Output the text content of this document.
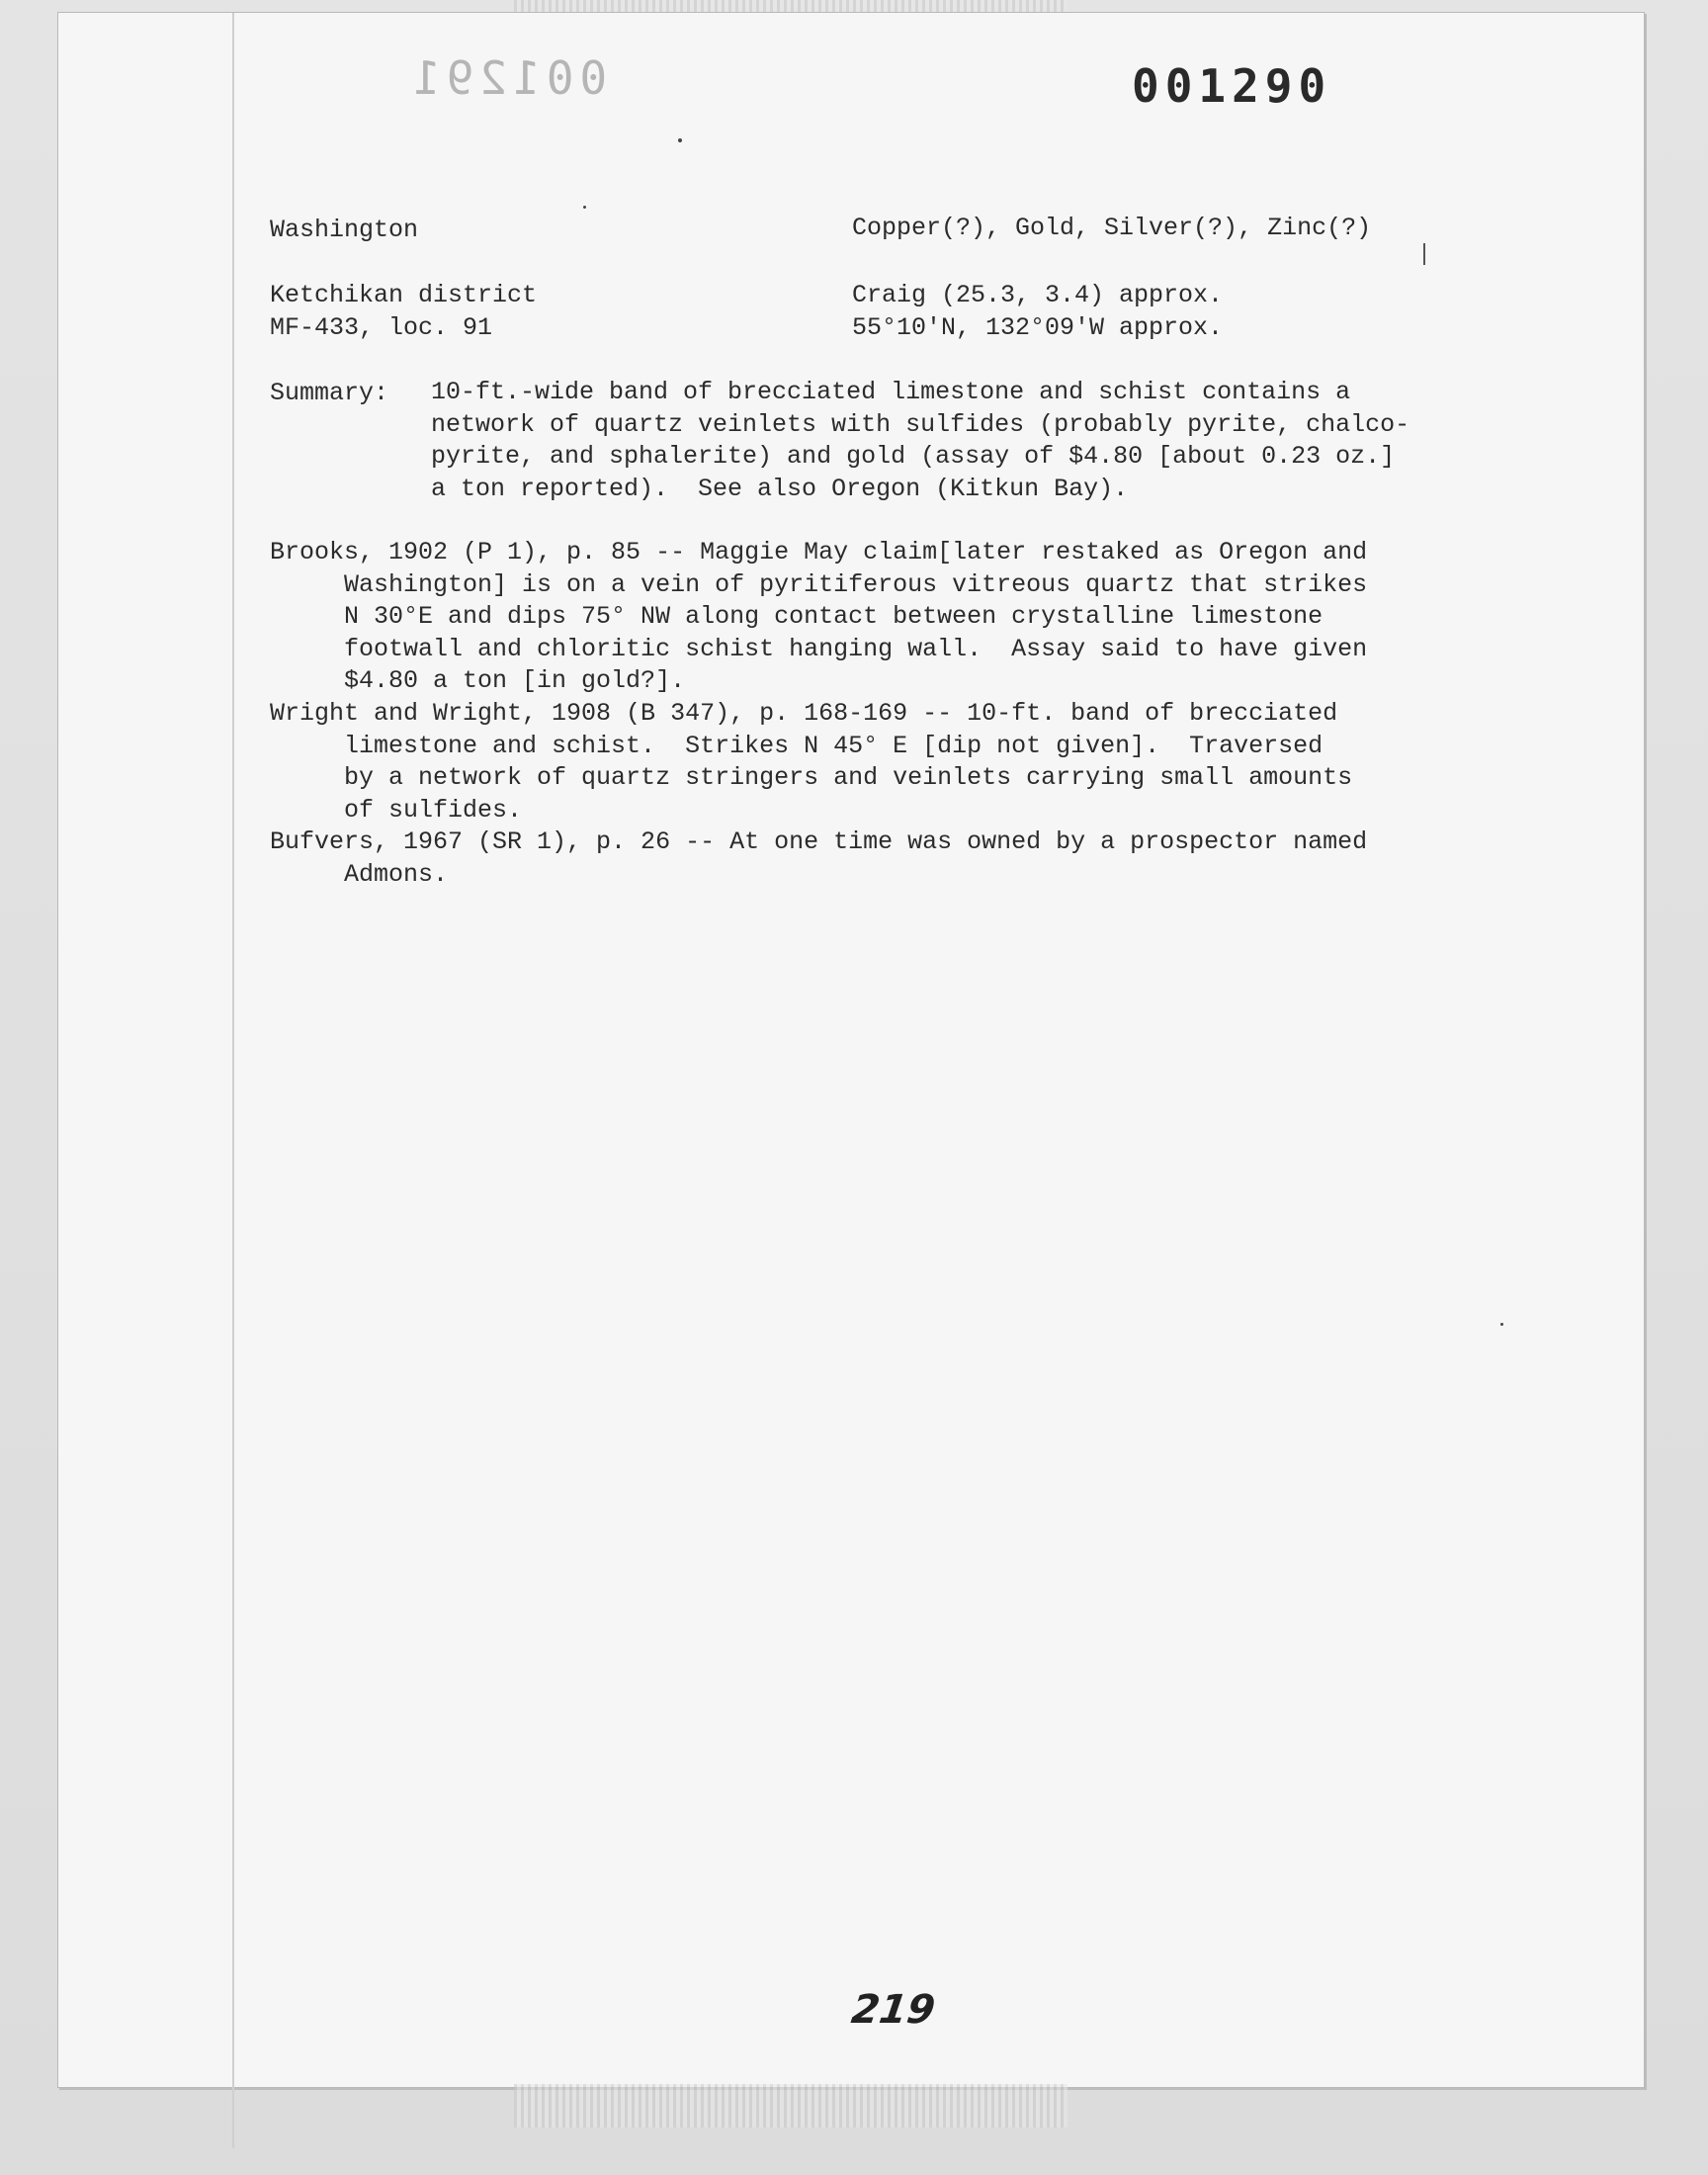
001291	001290
Washington	Copper(?), Gold, Silver(?), Zinc(?)
Ketchikan district
MF-433, loc. 91
Craig (25.3, 3.4) approx.
55°10'N, 132°09'W approx.
Summary: 10-ft.-wide band of brecciated limestone and schist contains a
network of quartz veinlets with sulfides (probably pyrite, chalco-
pyrite, and sphalerite) and gold (assay of $4.80 [about 0.23 oz.]
a ton reported).  See also Oregon (Kitkun Bay).
Brooks, 1902 (P 1), p. 85 -- Maggie May claim[later restaked as Oregon and
Washington] is on a vein of pyritiferous vitreous quartz that strikes
N 30°E and dips 75° NW along contact between crystalline limestone
footwall and chloritic schist hanging wall.  Assay said to have given
$4.80 a ton [in gold?].
Wright and Wright, 1908 (B 347), p. 168-169 -- 10-ft. band of brecciated
limestone and schist.  Strikes N 45° E [dip not given].  Traversed
by a network of quartz stringers and veinlets carrying small amounts
of sulfides.
Bufvers, 1967 (SR 1), p. 26 -- At one time was owned by a prospector named
Admons.
219
